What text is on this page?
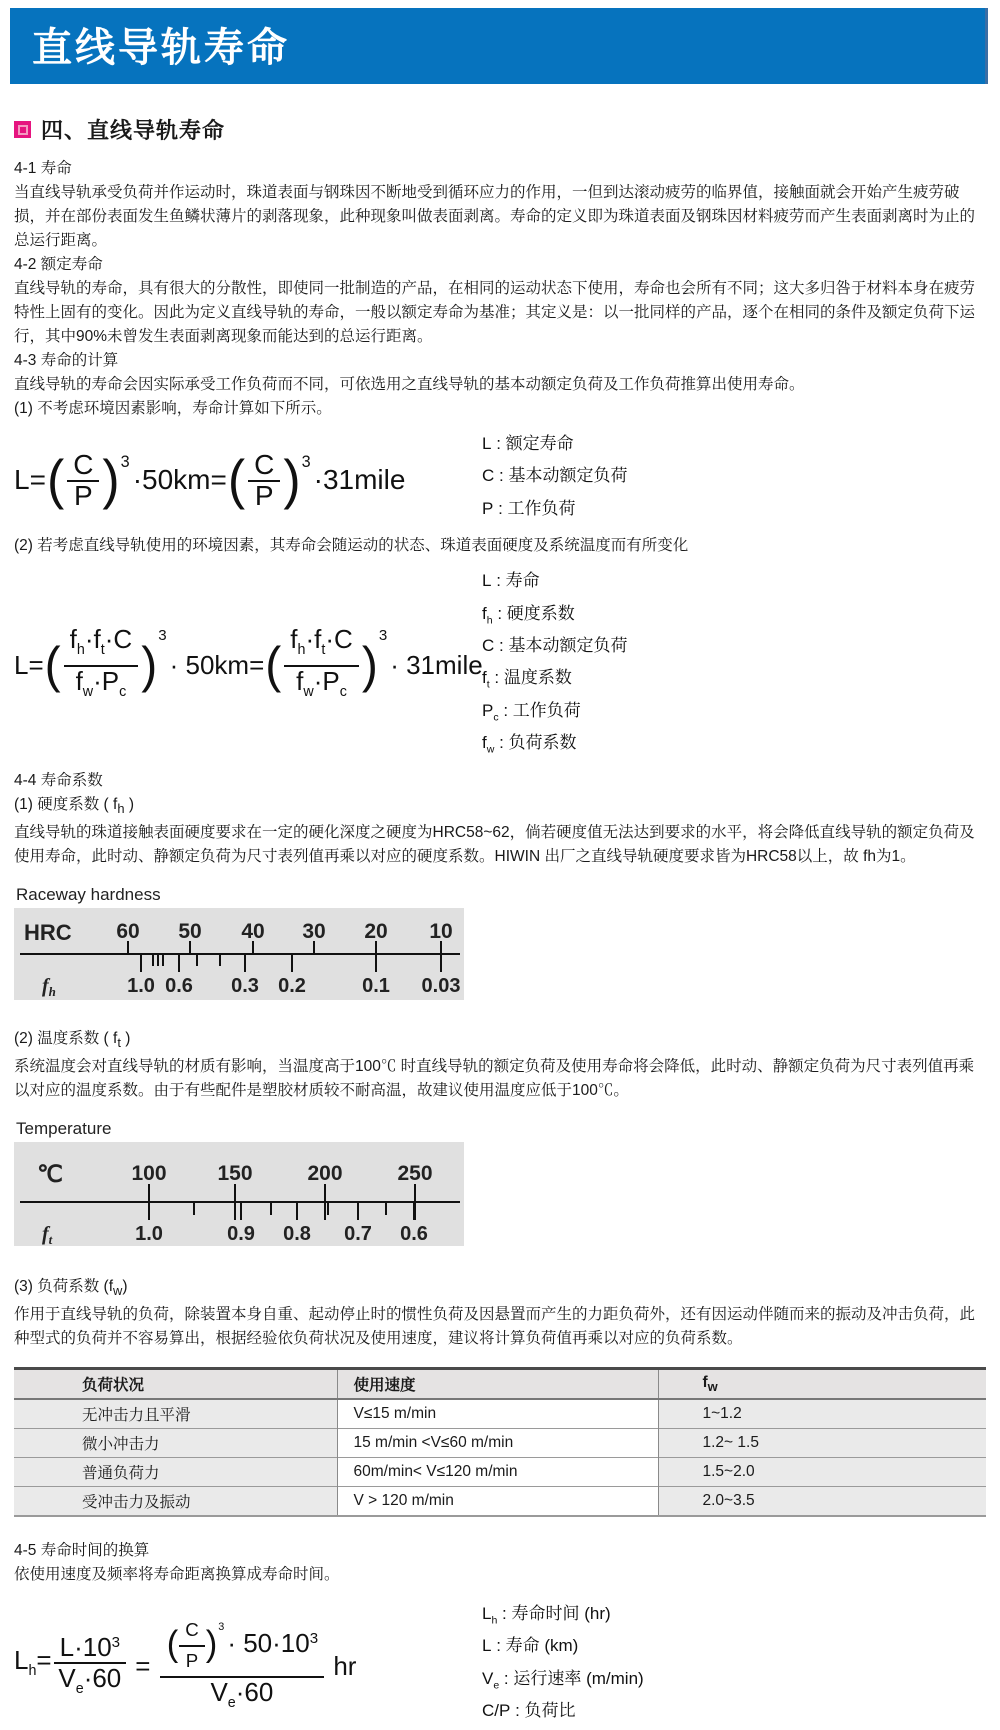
直线导轨寿命
四、直线导轨寿命

4-1 寿命

当直线导轨承受负荷并作运动时，珠道表面与钢珠因不断地受到循环应力的作用，一但到达滚动疲劳的临界值，接触面就会开始产生疲劳破损，并在部份表面发生鱼鳞状薄片的剥落现象，此种现象叫做表面剥离。寿命的定义即为珠道表面及钢珠因材料疲劳而产生表面剥离时为止的总运行距离。

4-2 额定寿命

直线导轨的寿命，具有很大的分散性，即使同一批制造的产品，在相同的运动状态下使用，寿命也会所有不同；这大多归咎于材料本身在疲劳特性上固有的变化。因此为定义直线导轨的寿命，一般以额定寿命为基准；其定义是：以一批同样的产品，逐个在相同的条件及额定负荷下运行，其中90%未曾发生表面剥离现象而能达到的总运行距离。

4-3 寿命的计算

直线导轨的寿命会因实际承受工作负荷而不同，可依选用之直线导轨的基本动额定负荷及工作负荷推算出使用寿命。

(1) 不考虑环境因素影响，寿命计算如下所示。

L= ( $\frac{C}{P}$ ) 3
·50km= ( $\frac{C}{P}$ ) 3
·31mile
L : 额定寿命
C : 基本动额定负荷
P : 工作负荷

(2) 若考虑直线导轨使用的环境因素，其寿命会随运动的状态、珠道表面硬度及系统温度而有所变化

L= ( $\frac{f_h\cdot f_t\cdot C}{f_w\cdot P_c}$ )
3
· 50km= ( $\frac{f_h\cdot f_t\cdot C}{f_w\cdot P_c}$ )
3
· 31mile
L : 寿命
$f_h$ : 硬度系数
C : 基本动额定负荷
$f_t$ : 温度系数
$P_c$ : 工作负荷
$f_w$ : 负荷系数

4-4 寿命系数

(1) 硬度系数 ( $f_h$ )

直线导轨的珠道接触表面硬度要求在一定的硬化深度之硬度为HRC58~62，倘若硬度值无法达到要求的水平，将会降低直线导轨的额定负荷及使用寿命，此时动、静额定负荷为尺寸表列值再乘以对应的硬度系数。HIWIN 出厂之直线导轨硬度要求皆为HRC58以上，故 fh为1。

Raceway hardness
HRC 60 50 40 30 20 10
$f_h$	1.0 0.6 0.3 0.2	0.1 0.03

(2) 温度系数 ( $f_t$ )

系统温度会对直线导轨的材质有影响，当温度高于100℃ 时直线导轨的额定负荷及使用寿命将会降低，此时动、静额定负荷为尺寸表列值再乘以对应的温度系数。由于有些配件是塑胶材质较不耐高温，故建议使用温度应低于100℃。

Temperature
℃	100 150	200	250
$f_t$	1.0	0.9 0.8 0.7 0.6

(3) 负荷系数 $(f_w)$

作用于直线导轨的负荷，除装置本身自重、起动停止时的惯性负荷及因悬置而产生的力距负荷外，还有因运动伴随而来的振动及冲击负荷，此种型式的负荷并不容易算出，根据经验依负荷状况及使用速度，建议将计算负荷值再乘以对应的负荷系数。

负荷状况	使用速度	$f_w$
无冲击力且平滑	V≤15 m/min	1~1.2
微小冲击力	15 m/min <V≤60 m/min	1.2~ 1.5
普通负荷力	60m/min< V≤120 m/min	1.5~2.0
受冲击力及振动	V > 120 m/min	2.0~3.5

4-5 寿命时间的换算

依使用速度及频率将寿命距离换算成寿命时间。

$L_h= \frac{L\cdot 10^3}{V_e\cdot 60}$
=

( $\frac{C}{P}$ ) 3
· $50\cdot 10^3$
$V_e\cdot 60$

hr
$L_h$ : 寿命时间 (hr)
L : 寿命 (km)
$V_e$ : 运行速率 (m/min)
C/P : 负荷比
